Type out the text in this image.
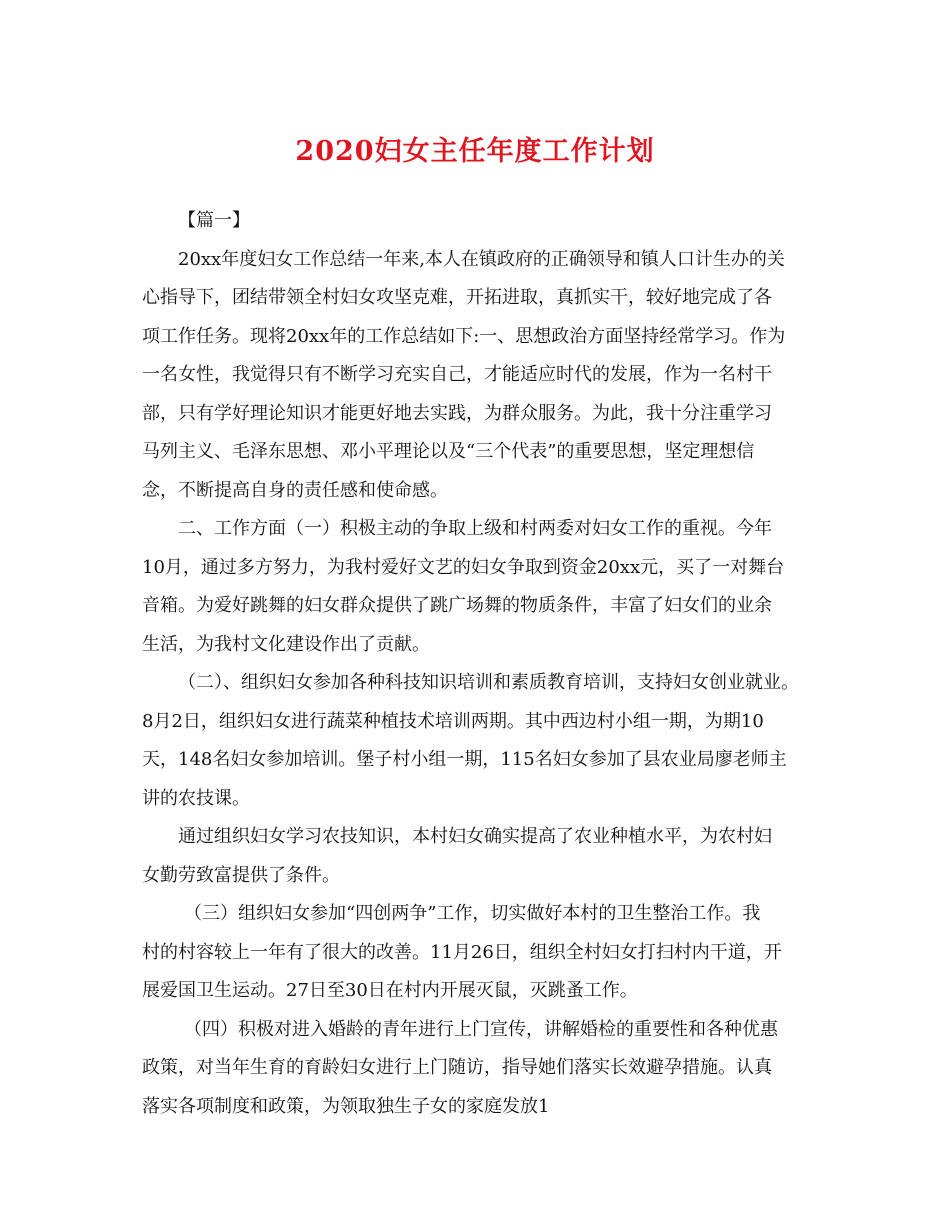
2020妇女主任年度工作计划

【篇一】

20xx年度妇女工作总结一年来,本人在镇政府的正确领导和镇人口计生办的关

心指导下，团结带领全村妇女攻坚克难，开拓进取，真抓实干，较好地完成了各

项工作任务。现将20xx年的工作总结如下:一、思想政治方面坚持经常学习。作为

一名女性，我觉得只有不断学习充实自己，才能适应时代的发展，作为一名村干

部，只有学好理论知识才能更好地去实践，为群众服务。为此，我十分注重学习

马列主义、毛泽东思想、邓小平理论以及“三个代表”的重要思想，坚定理想信

念，不断提高自身的责任感和使命感。

二、工作方面（一）积极主动的争取上级和村两委对妇女工作的重视。今年

10月，通过多方努力，为我村爱好文艺的妇女争取到资金20xx元，买了一对舞台

音箱。为爱好跳舞的妇女群众提供了跳广场舞的物质条件，丰富了妇女们的业余

生活，为我村文化建设作出了贡献。

（二）、组织妇女参加各种科技知识培训和素质教育培训，支持妇女创业就业。

8月2日，组织妇女进行蔬菜种植技术培训两期。其中西边村小组一期，为期10

天，148名妇女参加培训。堡子村小组一期，115名妇女参加了县农业局廖老师主

讲的农技课。

通过组织妇女学习农技知识，本村妇女确实提高了农业种植水平，为农村妇

女勤劳致富提供了条件。

（三）组织妇女参加“四创两争”工作，切实做好本村的卫生整治工作。我

村的村容较上一年有了很大的改善。11月26日，组织全村妇女打扫村内干道，开

展爱国卫生运动。27日至30日在村内开展灭鼠，灭跳蚤工作。

（四）积极对进入婚龄的青年进行上门宣传，讲解婚检的重要性和各种优惠

政策，对当年生育的育龄妇女进行上门随访，指导她们落实长效避孕措施。认真

落实各项制度和政策，为领取独生子女的家庭发放1
